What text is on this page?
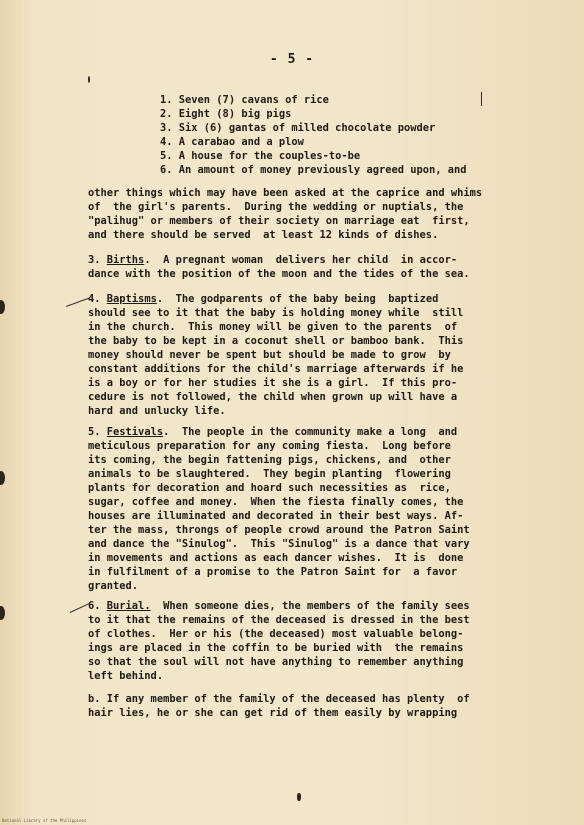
- 5 -
1. Seven (7) cavans of rice
2. Eight (8) big pigs
3. Six (6) gantas of milled chocolate powder
4. A carabao and a plow
5. A house for the couples-to-be
6. An amount of money previously agreed upon, and
other things which may have been asked at the caprice and whims
of  the girl's parents.  During the wedding or nuptials, the
"palihug" or members of their society on marriage eat  first,
and there should be served  at least 12 kinds of dishes.
3. Births.  A pregnant woman  delivers her child  in accor-
dance with the position of the moon and the tides of the sea.
4. Baptisms.  The godparents of the baby being  baptized
should see to it that the baby is holding money while  still
in the church.  This money will be given to the parents  of
the baby to be kept in a coconut shell or bamboo bank.  This
money should never be spent but should be made to grow  by
constant additions for the child's marriage afterwards if he
is a boy or for her studies it she is a girl.  If this pro-
cedure is not followed, the child when grown up will have a
hard and unlucky life.
5. Festivals.  The people in the community make a long  and
meticulous preparation for any coming fiesta.  Long before
its coming, the begin fattening pigs, chickens, and  other
animals to be slaughtered.  They begin planting  flowering
plants for decoration and hoard such necessities as  rice,
sugar, coffee and money.  When the fiesta finally comes, the
houses are illuminated and decorated in their best ways. Af-
ter the mass, throngs of people crowd around the Patron Saint
and dance the "Sinulog".  This "Sinulog" is a dance that vary
in movements and actions as each dancer wishes.  It is  done
in fulfilment of a promise to the Patron Saint for  a favor
granted.
6. Burial.  When someone dies, the members of the family sees
to it that the remains of the deceased is dressed in the best
of clothes.  Her or his (the deceased) most valuable belong-
ings are placed in the coffin to be buried with  the remains
so that the soul will not have anything to remember anything
left behind.
b. If any member of the family of the deceased has plenty  of
hair lies, he or she can get rid of them easily by wrapping
National Library of the Philippines
